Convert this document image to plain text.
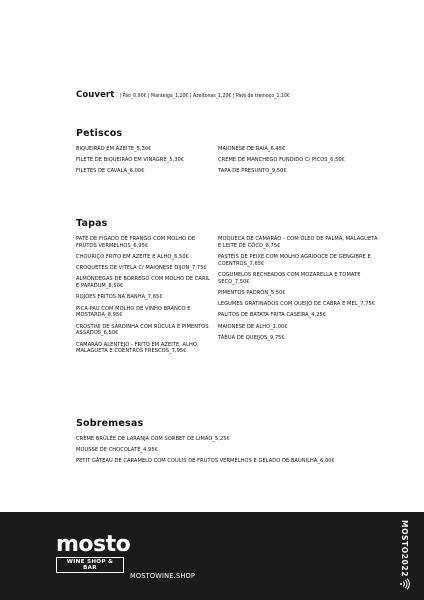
Couvert | Pão_0,90€ | Manteiga_1,20€ | Azeitonas_1,20€ | Paté de tremoço_1,10€
Petiscos
BIQUEIRÃO EM AZEITE_5,30€
FILETE DE BIQUEIRÃO EM VINAGRE_5,30€
FILETES DE CAVALA_6,00€
MAIONESE DE RAIA_6,45€
CREME DE MANCHEGO FUNDIDO C/ PICOS_6,50€
TAPA DE PRESUNTO_9,50€
Tapas
PATÉ DE FÍGADO DE FRANGO COM MOLHO DE FRUTOS VERMELHOS_6,95€
CHOURIÇO FRITO EM AZEITE E ALHO_6,50€
CROQUETES DE VITELA C/ MAIONESE DIJON_7,75€
ALMÔNDEGAS DE BORREGO COM MOLHO DE CARIL E PAPADUM_8,50€
ROJÕES FRITOS NA BANHA_7,65€
PICA-PAU COM MOLHO DE VINHO BRANCO E MOSTARDA_8,95€
CROSTINI DE SARDINHA COM RÚCULA E PIMENTOS ASSADOS_6,50€
CAMARÃO ALENTEJO - FRITO EM AZEITE, ALHO, MALAGUETA E COENTROS FRESCOS_7,95€
MOQUECA DE CAMARÃO - COM ÓLEO DE PALMA, MALAGUETA E LEITE DE CÔCO_8,75€
PASTÉIS DE PEIXE COM MOLHO AGRIDOCE DE GENGIBRE E COENTROS_7,65€
COGUMELOS RECHEADOS COM MOZARELLA E TOMATE SECO_7,50€
PIMENTOS PADRÓN_5,50€
LEGUMES GRATINADOS COM QUEIJO DE CABRA E MEL_7,75€
PALITOS DE BATATA FRITA CASEIRA_4,25€
MAIONESE DE ALHO_1,00€
TÁBUA DE QUEIJOS_9,75€
Sobremesas
CRÈME BRÛLÉE DE LARANJA COM SORBET DE LIMÃO_5,25€
MOUSSE DE CHOCOLATE_4,95€
PETIT GÂTEAU DE CARAMELO COM COULIS DE FRUTOS VERMELHOS E GELADO DE BAUNILHA_6,00€
mosto
WINE SHOP & BAR
MOSTOWINE.SHOP	MOSTO2022
